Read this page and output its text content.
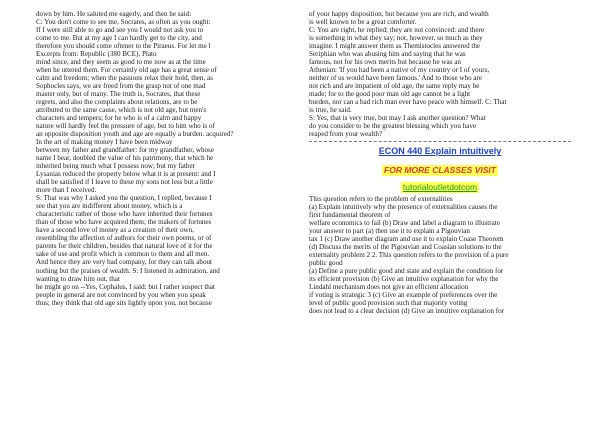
down by him. He saluted me eagerly, and then he said:
C: You don't come to see me, Socrates, as often as you ought:
If I were still able to go and see you I would not ask you to
come to me. But at my age I can hardly get to the city, and
therefore you should come oftener to the Piraeus. For let me l
Excerpts from: Republic (380 BCE), Plato
mind since, and they seem as good to me now as at the time
when he uttered them. For certainly old age has a great sense of
calm and freedom; when the passions relax their hold, then, as
Sophocles says, we are freed from the grasp not of one mad
master only, but of many. The truth is, Socrates, that these
regrets, and also the complaints about relations, are to be
attributed to the same cause, which is not old age, but men's
characters and tempers; for he who is of a calm and happy
nature will hardly feel the pressure of age, but to him who is of
an opposite disposition youth and age are equally a burden. acquired?
In the art of making money I have been midway
between my father and grandfather: for my grandfather, whose
name I bear, doubled the value of his patrimony, that which he
inherited being much what I possess now; but my father
Lysanias reduced the property below what it is at present: and I
shall be satisfied if I leave to these my sons not less but a little
more than I received.
S: That was why I asked you the question, I replied, because I
see that you are indifferent about money, which is a
characteristic rather of those who have inherited their fortunes
than of those who have acquired them; the makers of fortunes
have a second love of money as a creation of their own,
resembling the affection of authors for their own poems, or of
parents for their children, besides that natural love of it for the
sake of use and profit which is common to them and all men.
And hence they are very bad company, for they can talk about
nothing but the praises of wealth. S: I listened in admiration, and
wanting to draw him out, that
he might go on --Yes, Cephalus, I said: but I rather suspect that
people in general are not convinced by you when you speak
thus; they think that old age sits lightly upon you, not because
of your happy disposition, but because you are rich, and wealth
is well known to be a great comforter.
C: You are right, he replied; they are not convinced: and there
is something in what they say; not, however, so much as they
imagine. I might answer them as Themistocles answered the
Seriphian who was abusing him and saying that he was
famous, not for his own merits but because he was an
Athenian: 'If you had been a native of my country or I of yours,
neither of us would have been famous.' And to those who are
not rich and are impatient of old age, the same reply may be
made; for to the good poor man old age cannot be a light
burden, nor can a bad rich man ever have peace with himself. C: That
is true, he said.
S: Yes, that is very true, but may I ask another question? What
do you consider to be the greatest blessing which you have
reaped from your wealth?
ECON 440 Explain intuitively
FOR MORE CLASSES VISIT
tutorialoutletdotcom
This question refers to the problem of externalities
(a) Explain intuitively why the presence of externalities causes the
first fundamental theorem of
welfare economics to fail (b) Draw and label a diagram to illustrate
your answer to part (a) then use it to explain a Pigouvian
tax 1 (c) Draw another diagram and use it to explain Coase Theorem
(d) Discuss the merits of the Pigouvian and Coasian solutions to the
externality problem 2 2. This question refers to the provision of a pure
public good
(a) Define a pure public good and state and explain the condition for
its efficient provision (b) Give an intuitive explanation for why the
Lindahl mechanism does not give an efficient allocation
if voting is strategic 3 (c) Give an example of preferences over the
level of public good provision such that majority voting
does not lead to a clear decision (d) Give an intuitive explanation for
